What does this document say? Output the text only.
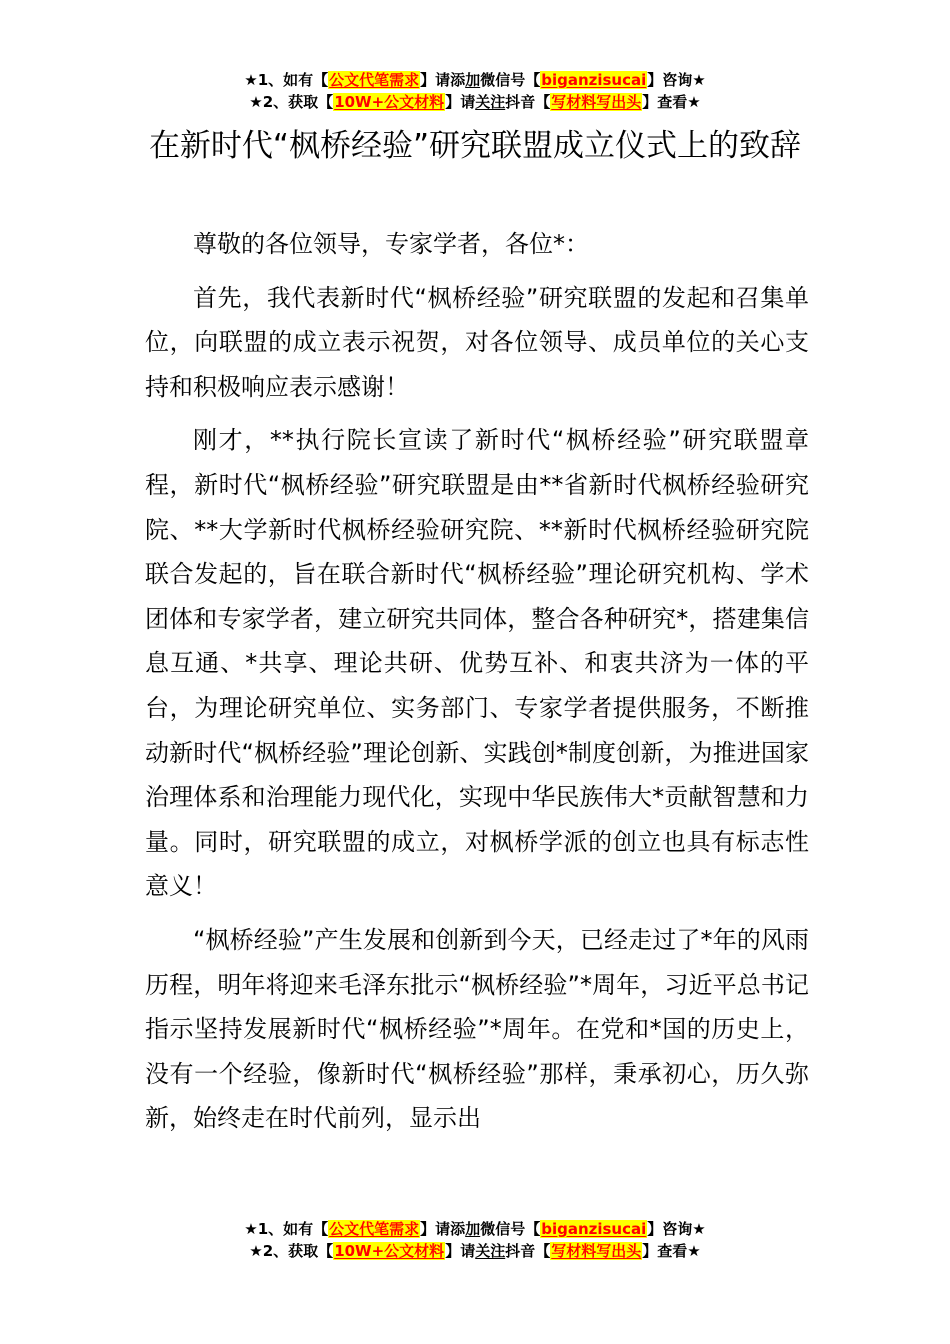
★1、如有【公文代笔需求】请添加微信号【biganzisucai】咨询★
★2、获取【10W+公文材料】请关注抖音【写材料写出头】查看★
在新时代“枫桥经验”研究联盟成立仪式上的致辞

尊敬的各位领导，专家学者，各位*：

首先，我代表新时代“枫桥经验”研究联盟的发起和召集单位，向联盟的成立表示祝贺，对各位领导、成员单位的关心支持和积极响应表示感谢！

刚才，**执行院长宣读了新时代“枫桥经验”研究联盟章程，新时代“枫桥经验”研究联盟是由**省新时代枫桥经验研究院、**大学新时代枫桥经验研究院、**新时代枫桥经验研究院联合发起的，旨在联合新时代“枫桥经验”理论研究机构、学术团体和专家学者，建立研究共同体，整合各种研究*，搭建集信息互通、*共享、理论共研、优势互补、和衷共济为一体的平台，为理论研究单位、实务部门、专家学者提供服务，不断推动新时代“枫桥经验”理论创新、实践创*制度创新，为推进国家治理体系和治理能力现代化，实现中华民族伟大*贡献智慧和力量。同时，研究联盟的成立，对枫桥学派的创立也具有标志性意义！

“枫桥经验”产生发展和创新到今天，已经走过了*年的风雨历程，明年将迎来毛泽东批示“枫桥经验”*周年，习近平总书记指示坚持发展新时代“枫桥经验”*周年。在党和*国的历史上，没有一个经验，像新时代“枫桥经验”那样，秉承初心，历久弥新，始终走在时代前列，显示出

★1、如有【公文代笔需求】请添加微信号【biganzisucai】咨询★
★2、获取【10W+公文材料】请关注抖音【写材料写出头】查看★
